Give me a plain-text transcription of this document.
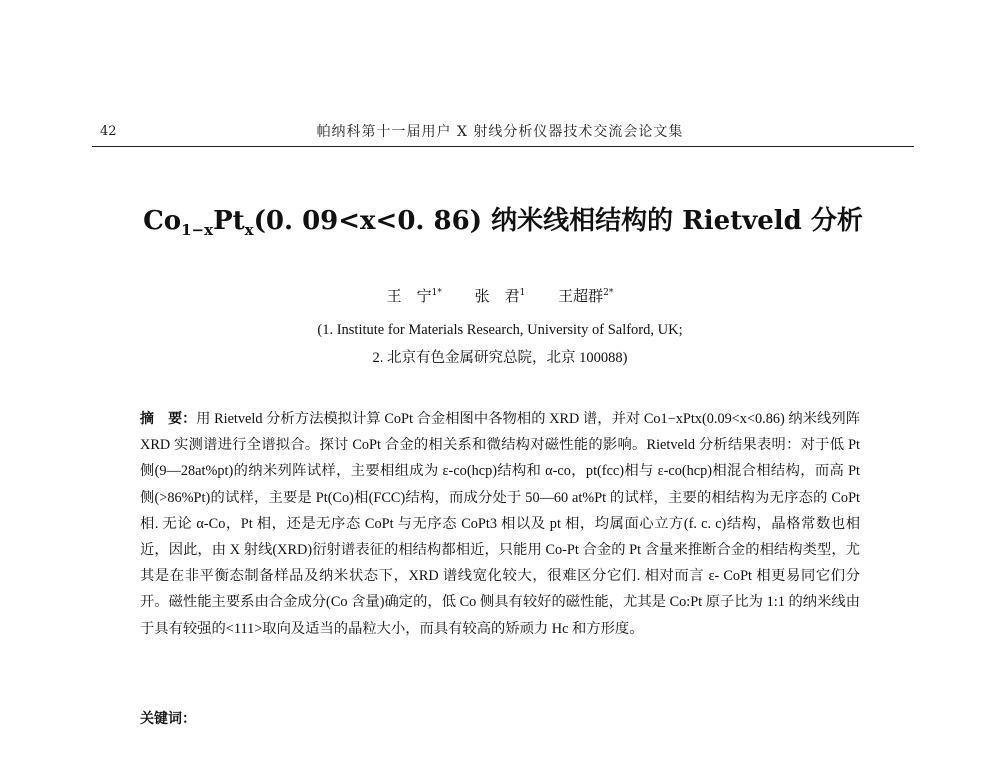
42	帕纳科第十一届用户 X 射线分析仪器技术交流会论文集
$Co_{1-x}Pt_x(0$. 09<x<0. 86) 纳米线相结构的 Rietveld 分析
王　宁$^{1*}$ 张　君$^1$ 王超群$^{2*}$
(1. Institute for Materials Research, University of Salford, UK;
2. 北京有色金属研究总院，北京 100088)
摘　要：用 Rietveld 分析方法模拟计算 CoPt 合金相图中各物相的 XRD 谱，并对 Co1−xPtx(0.09<x<0.86) 纳米线列阵 XRD 实测谱进行全谱拟合。探讨 CoPt 合金的相关系和微结构对磁性能的影响。Rietveld 分析结果表明：对于低 Pt 侧(9—28at%pt)的纳米列阵试样，主要相组成为 ε-co(hcp)结构和 α-co，pt(fcc)相与 ε-co(hcp)相混合相结构，而高 Pt 侧(>86%Pt)的试样，主要是 Pt(Co)相(FCC)结构，而成分处于 50—60 at%Pt 的试样，主要的相结构为无序态的 CoPt 相. 无论 α-Co，Pt 相，还是无序态 CoPt 与无序态 CoPt3 相以及 pt 相，均属面心立方(f. c. c)结构，晶格常数也相近，因此，由 X 射线(XRD)衍射谱表征的相结构都相近，只能用 Co-Pt 合金的 Pt 含量来推断合金的相结构类型，尤其是在非平衡态制备样品及纳米状态下，XRD 谱线宽化较大，很难区分它们. 相对而言 ε- CoPt 相更易同它们分开。磁性能主要系由合金成分(Co 含量)确定的，低 Co 侧具有较好的磁性能，尤其是 Co:Pt 原子比为 1:1 的纳米线由于具有较强的<111>取向及适当的晶粒大小，而具有较高的矫顽力 Hc 和方形度。
关键词：
